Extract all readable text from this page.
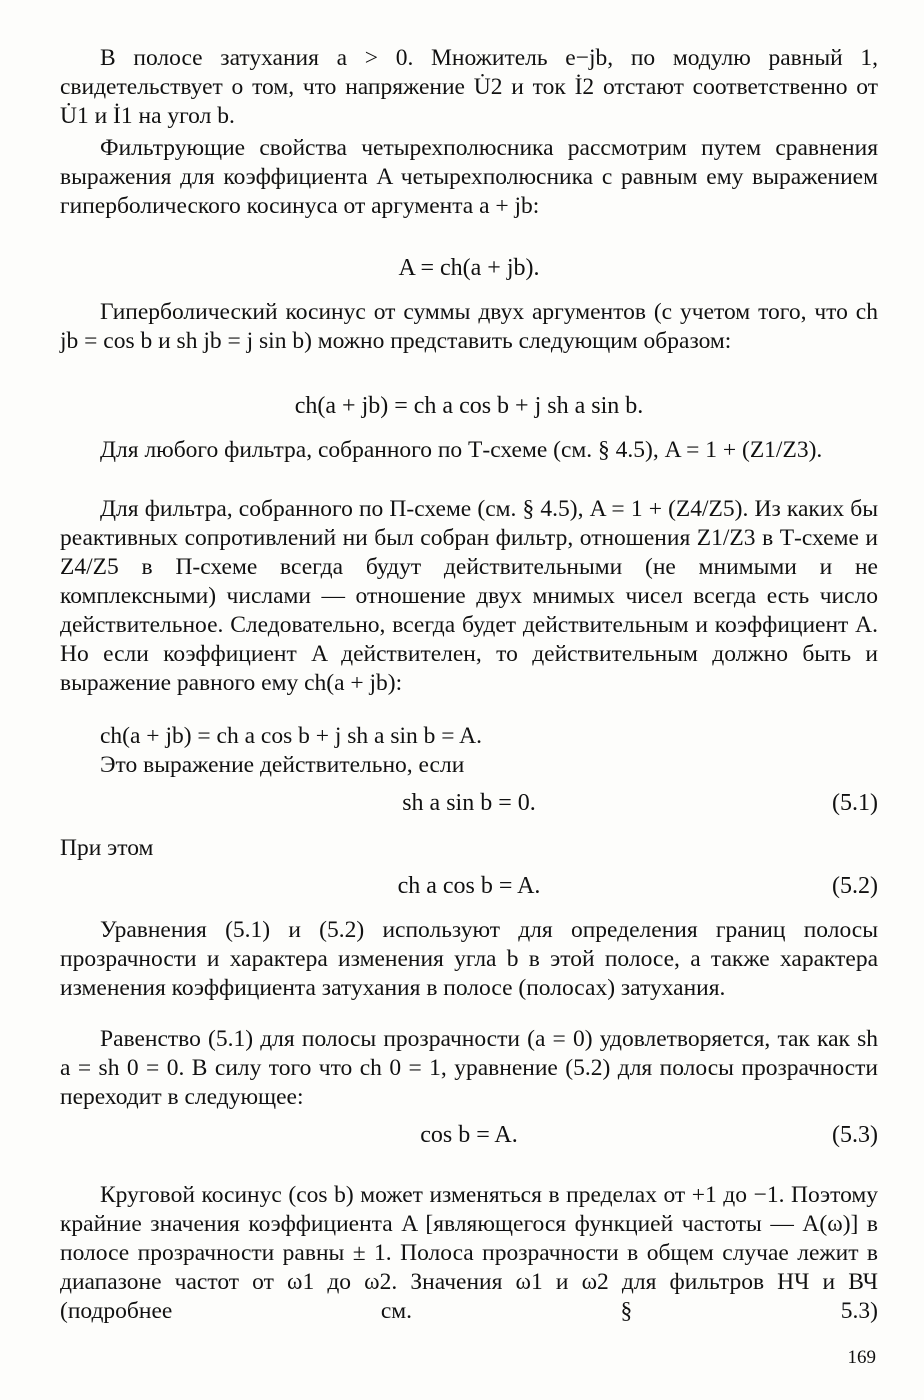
В полосе затухания a > 0. Множитель e−jb, по модулю равный 1, свидетельствует о том, что напряжение U̇2 и ток İ2 отстают соответственно от U̇1 и İ1 на угол b.
Фильтрующие свойства четырехполюсника рассмотрим путем сравнения выражения для коэффициента A четырехполюсника с равным ему выражением гиперболического косинуса от аргумента a + jb:
A = ch(a + jb).
Гиперболический косинус от суммы двух аргументов (с учетом того, что ch jb = cos b и sh jb = j sin b) можно представить следующим образом:
ch(a + jb) = ch a cos b + j sh a sin b.
Для любого фильтра, собранного по Т-схеме (см. § 4.5), A = 1 + (Z1/Z3).
Для фильтра, собранного по П-схеме (см. § 4.5), A = 1 + (Z4/Z5). Из каких бы реактивных сопротивлений ни был собран фильтр, отношения Z1/Z3 в Т-схеме и Z4/Z5 в П-схеме всегда будут действительными (не мнимыми и не комплексными) числами — отношение двух мнимых чисел всегда есть число действительное. Следовательно, всегда будет действительным и коэффициент A. Но если коэффициент A действителен, то действительным должно быть и выражение равного ему ch(a + jb):
ch(a + jb) = ch a cos b + j sh a sin b = A.
Это выражение действительно, если
sh a sin b = 0.	(5.1)
При этом
ch a cos b = A.	(5.2)
Уравнения (5.1) и (5.2) используют для определения границ полосы прозрачности и характера изменения угла b в этой полосе, а также характера изменения коэффициента затухания в полосе (полосах) затухания.
Равенство (5.1) для полосы прозрачности (a = 0) удовлетворяется, так как sh a = sh 0 = 0. В силу того что ch 0 = 1, уравнение (5.2) для полосы прозрачности переходит в следующее:
cos b = A.	(5.3)
Круговой косинус (cos b) может изменяться в пределах от +1 до −1. Поэтому крайние значения коэффициента A [являющегося функцией частоты — A(ω)] в полосе прозрачности равны ± 1. Полоса прозрачности в общем случае лежит в диапазоне частот от ω1 до ω2. Значения ω1 и ω2 для фильтров НЧ и ВЧ (подробнее см. § 5.3)
169
